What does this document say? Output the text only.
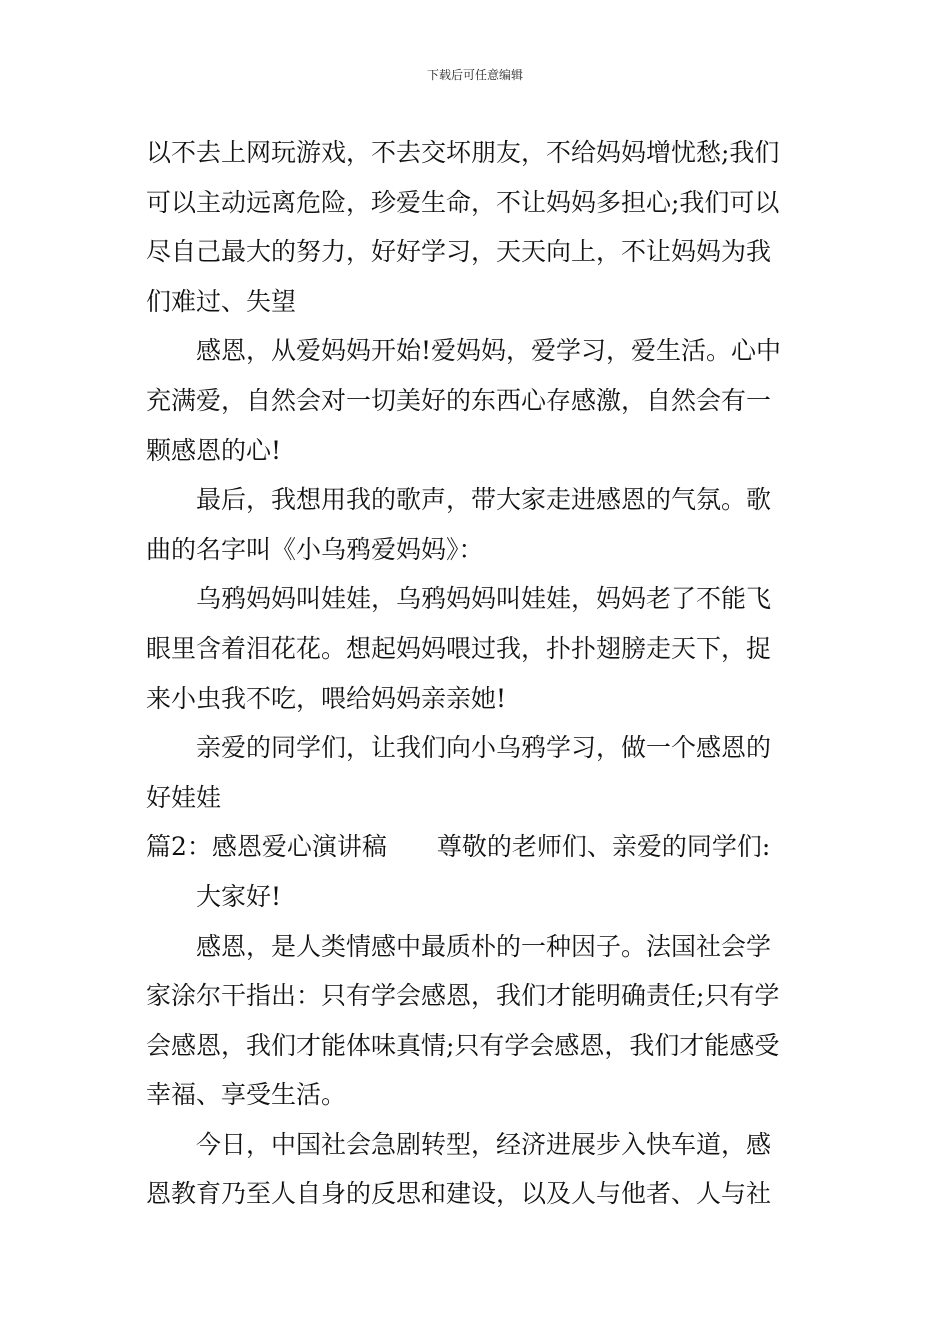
下载后可任意编辑
以不去上网玩游戏，不去交坏朋友，不给妈妈增忧愁;我们
可以主动远离危险，珍爱生命，不让妈妈多担心;我们可以
尽自己最大的努力，好好学习，天天向上，不让妈妈为我
们难过、失望
感恩，从爱妈妈开始!爱妈妈，爱学习，爱生活。心中
充满爱，自然会对一切美好的东西心存感激，自然会有一
颗感恩的心!
最后，我想用我的歌声，带大家走进感恩的气氛。歌
曲的名字叫《小乌鸦爱妈妈》：
乌鸦妈妈叫娃娃，乌鸦妈妈叫娃娃，妈妈老了不能飞
眼里含着泪花花。想起妈妈喂过我，扑扑翅膀走天下，捉
来小虫我不吃，喂给妈妈亲亲她!
亲爱的同学们，让我们向小乌鸦学习，做一个感恩的
好娃娃
篇2：感恩爱心演讲稿 尊敬的老师们、亲爱的同学们:
大家好!
感恩，是人类情感中最质朴的一种因子。法国社会学
家涂尔干指出：只有学会感恩，我们才能明确责任;只有学
会感恩，我们才能体味真情;只有学会感恩，我们才能感受
幸福、享受生活。
今日，中国社会急剧转型，经济进展步入快车道，感
恩教育乃至人自身的反思和建设，以及人与他者、人与社
